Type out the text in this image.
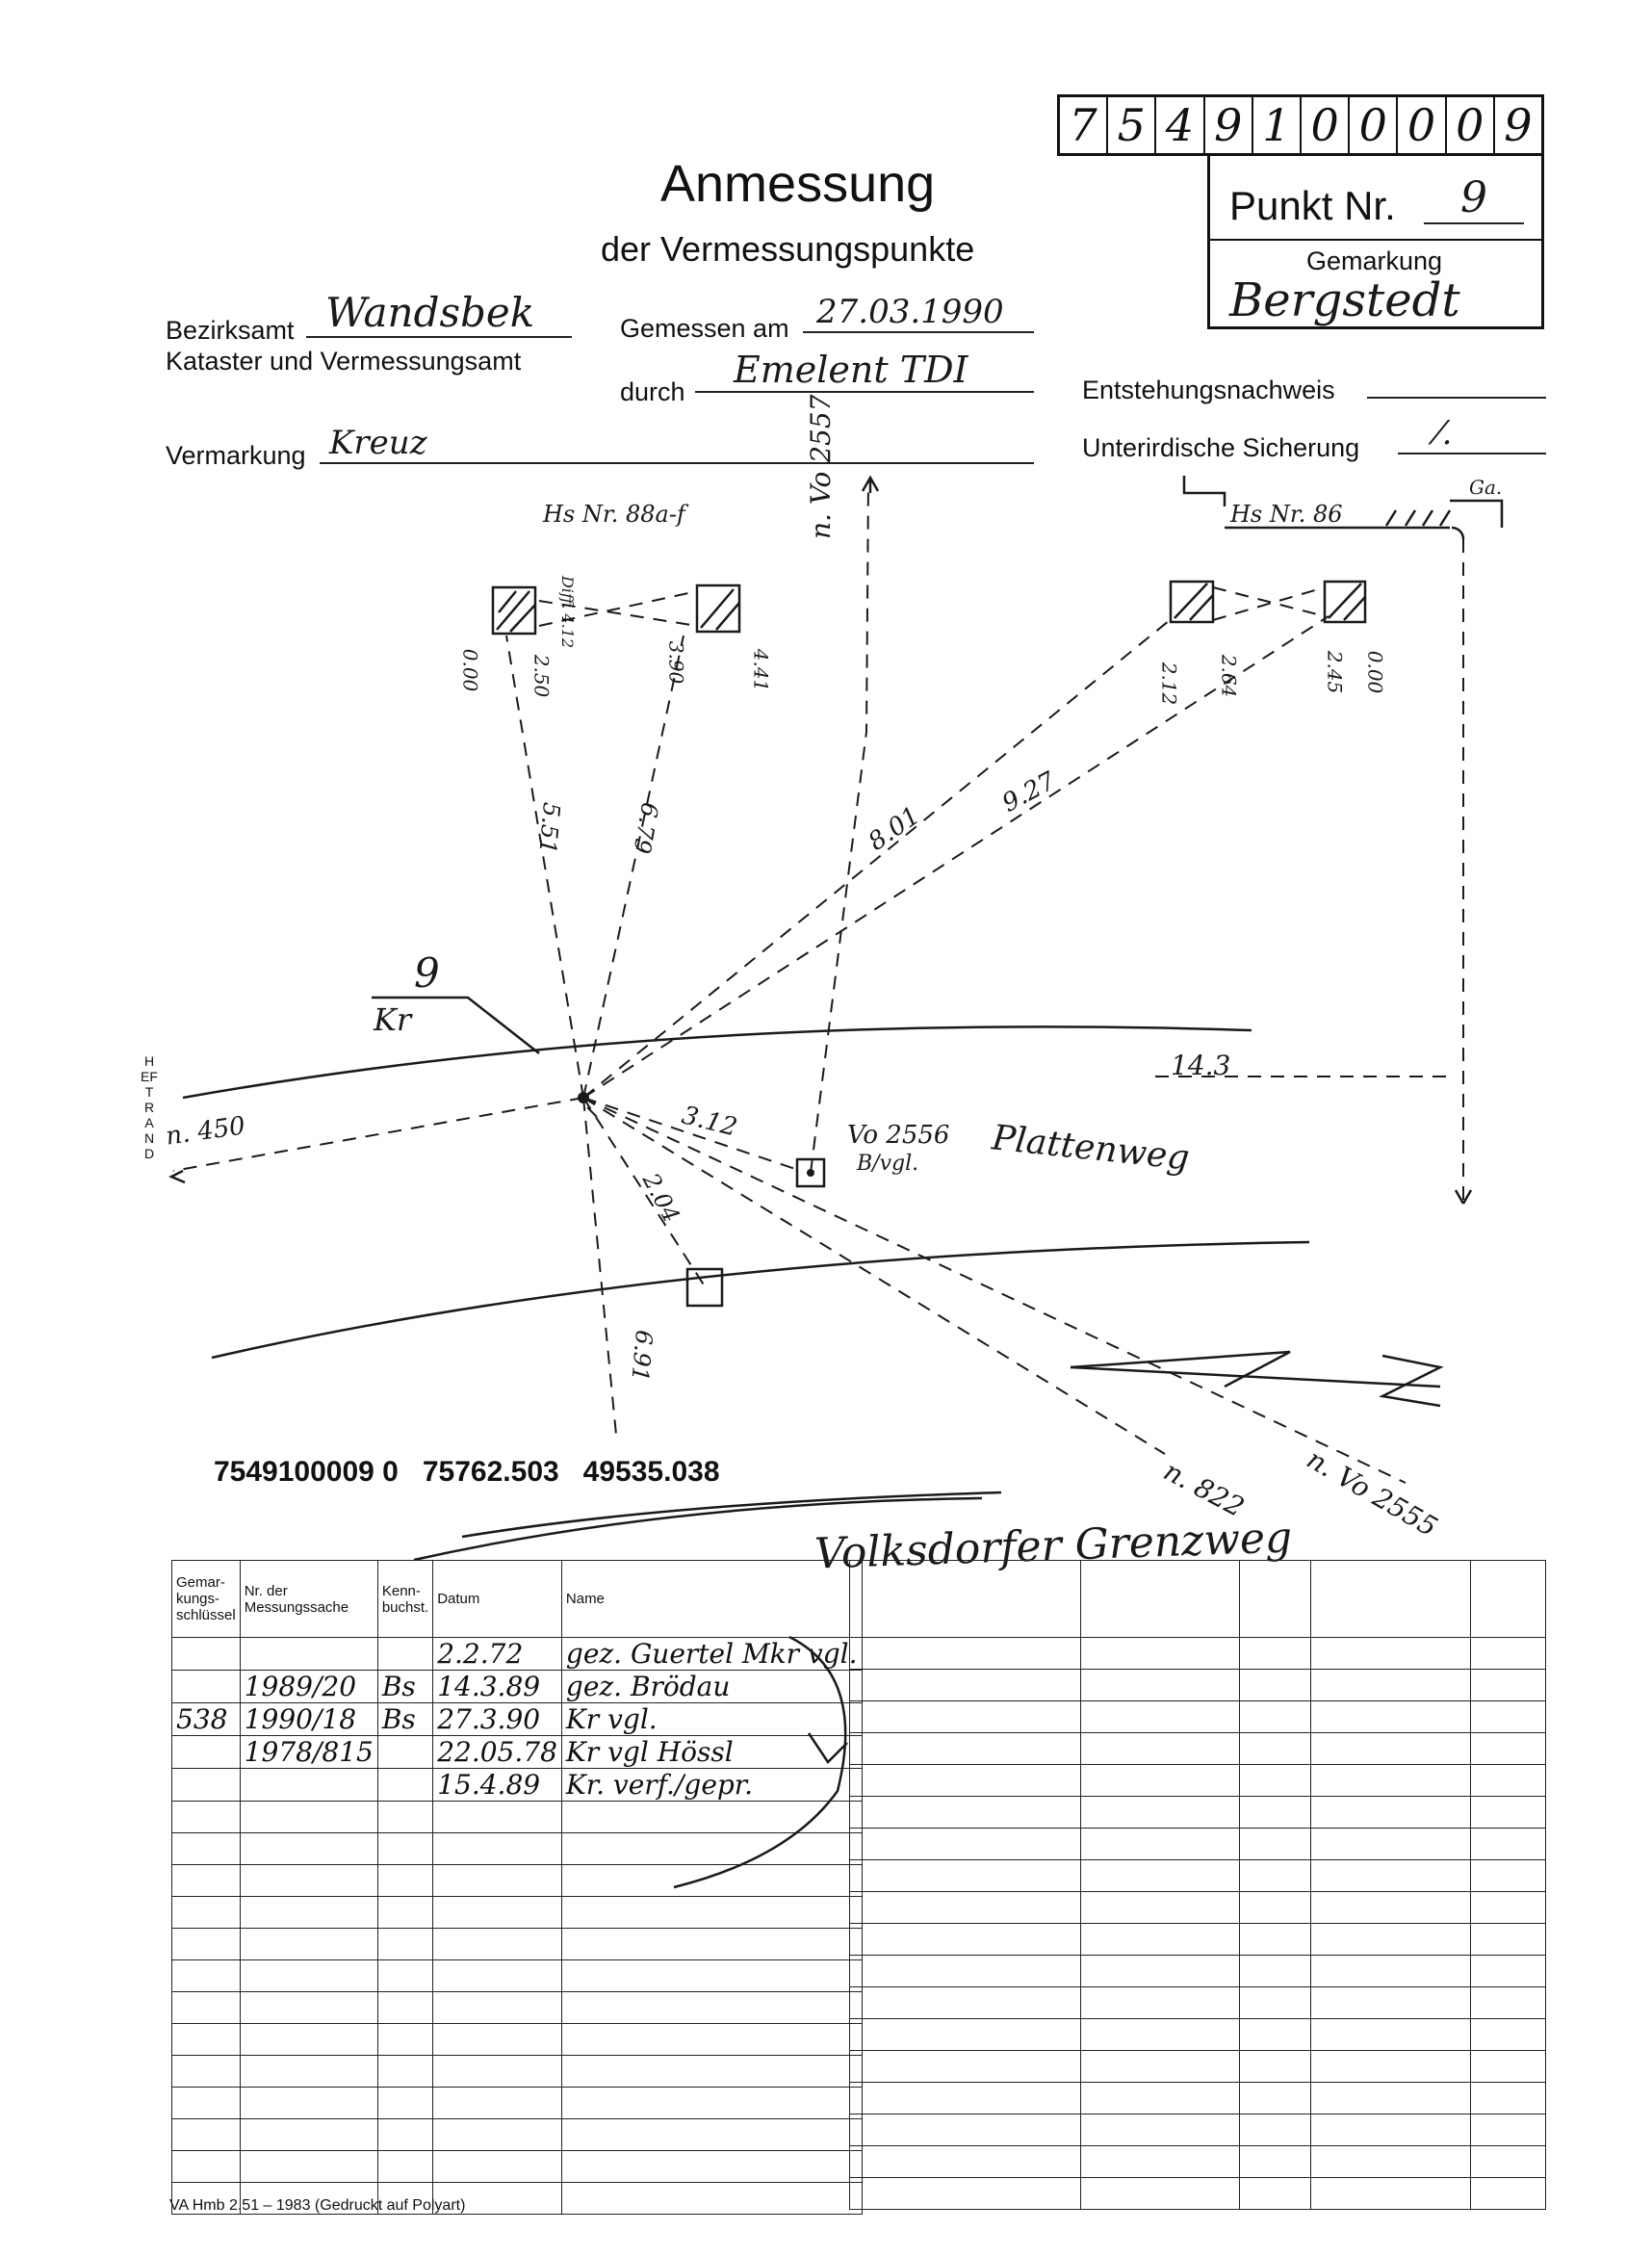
7 5 4 9 1 0 0 0 0 9
Punkt Nr.	9
Gemarkung
Bergstedt
Anmessung
der Vermessungspunkte
Bezirksamt Wandsbek
Kataster und Vermessungsamt
Gemessen am 27.03.1990
durch
Emelent TDI	Entstehungsnachweis
Vermarkung Kreuz	Unterirdische Sicherung	⁄.
Hs Nr. 88a-f	Hs Nr. 86
Ga.
n. Vo 2557
9
Kr
HEFTRAND
n. 450	Vo 2556
B/vgl. Plattenweg
5.51	6.79	8.01
9.27
14.3
3.12
2.04
6.91
0.00	2.50	3.90	4.41	2.12 2.64	2.45 0.00
Diff. 4.12
n. Vo 2555
n. 822
Volksdorfer Grenzweg
7549100009 0   75762.503   49535.038
Gemar-kungs-schlüssel	Nr. der Messungssache	Kenn-buchst.	Datum	Name
			2.2.72	gez. Guertel Mkr vgl.
	1989/20	Bs	14.3.89	gez. Brödau
538	1990/18	Bs	27.3.90	Kr vgl.
	1978/815		22.05.78	Kr vgl Hössl
			15.4.89	Kr. verf./gepr.

VA Hmb 2.51 – 1983 (Gedruckt auf Polyart)
